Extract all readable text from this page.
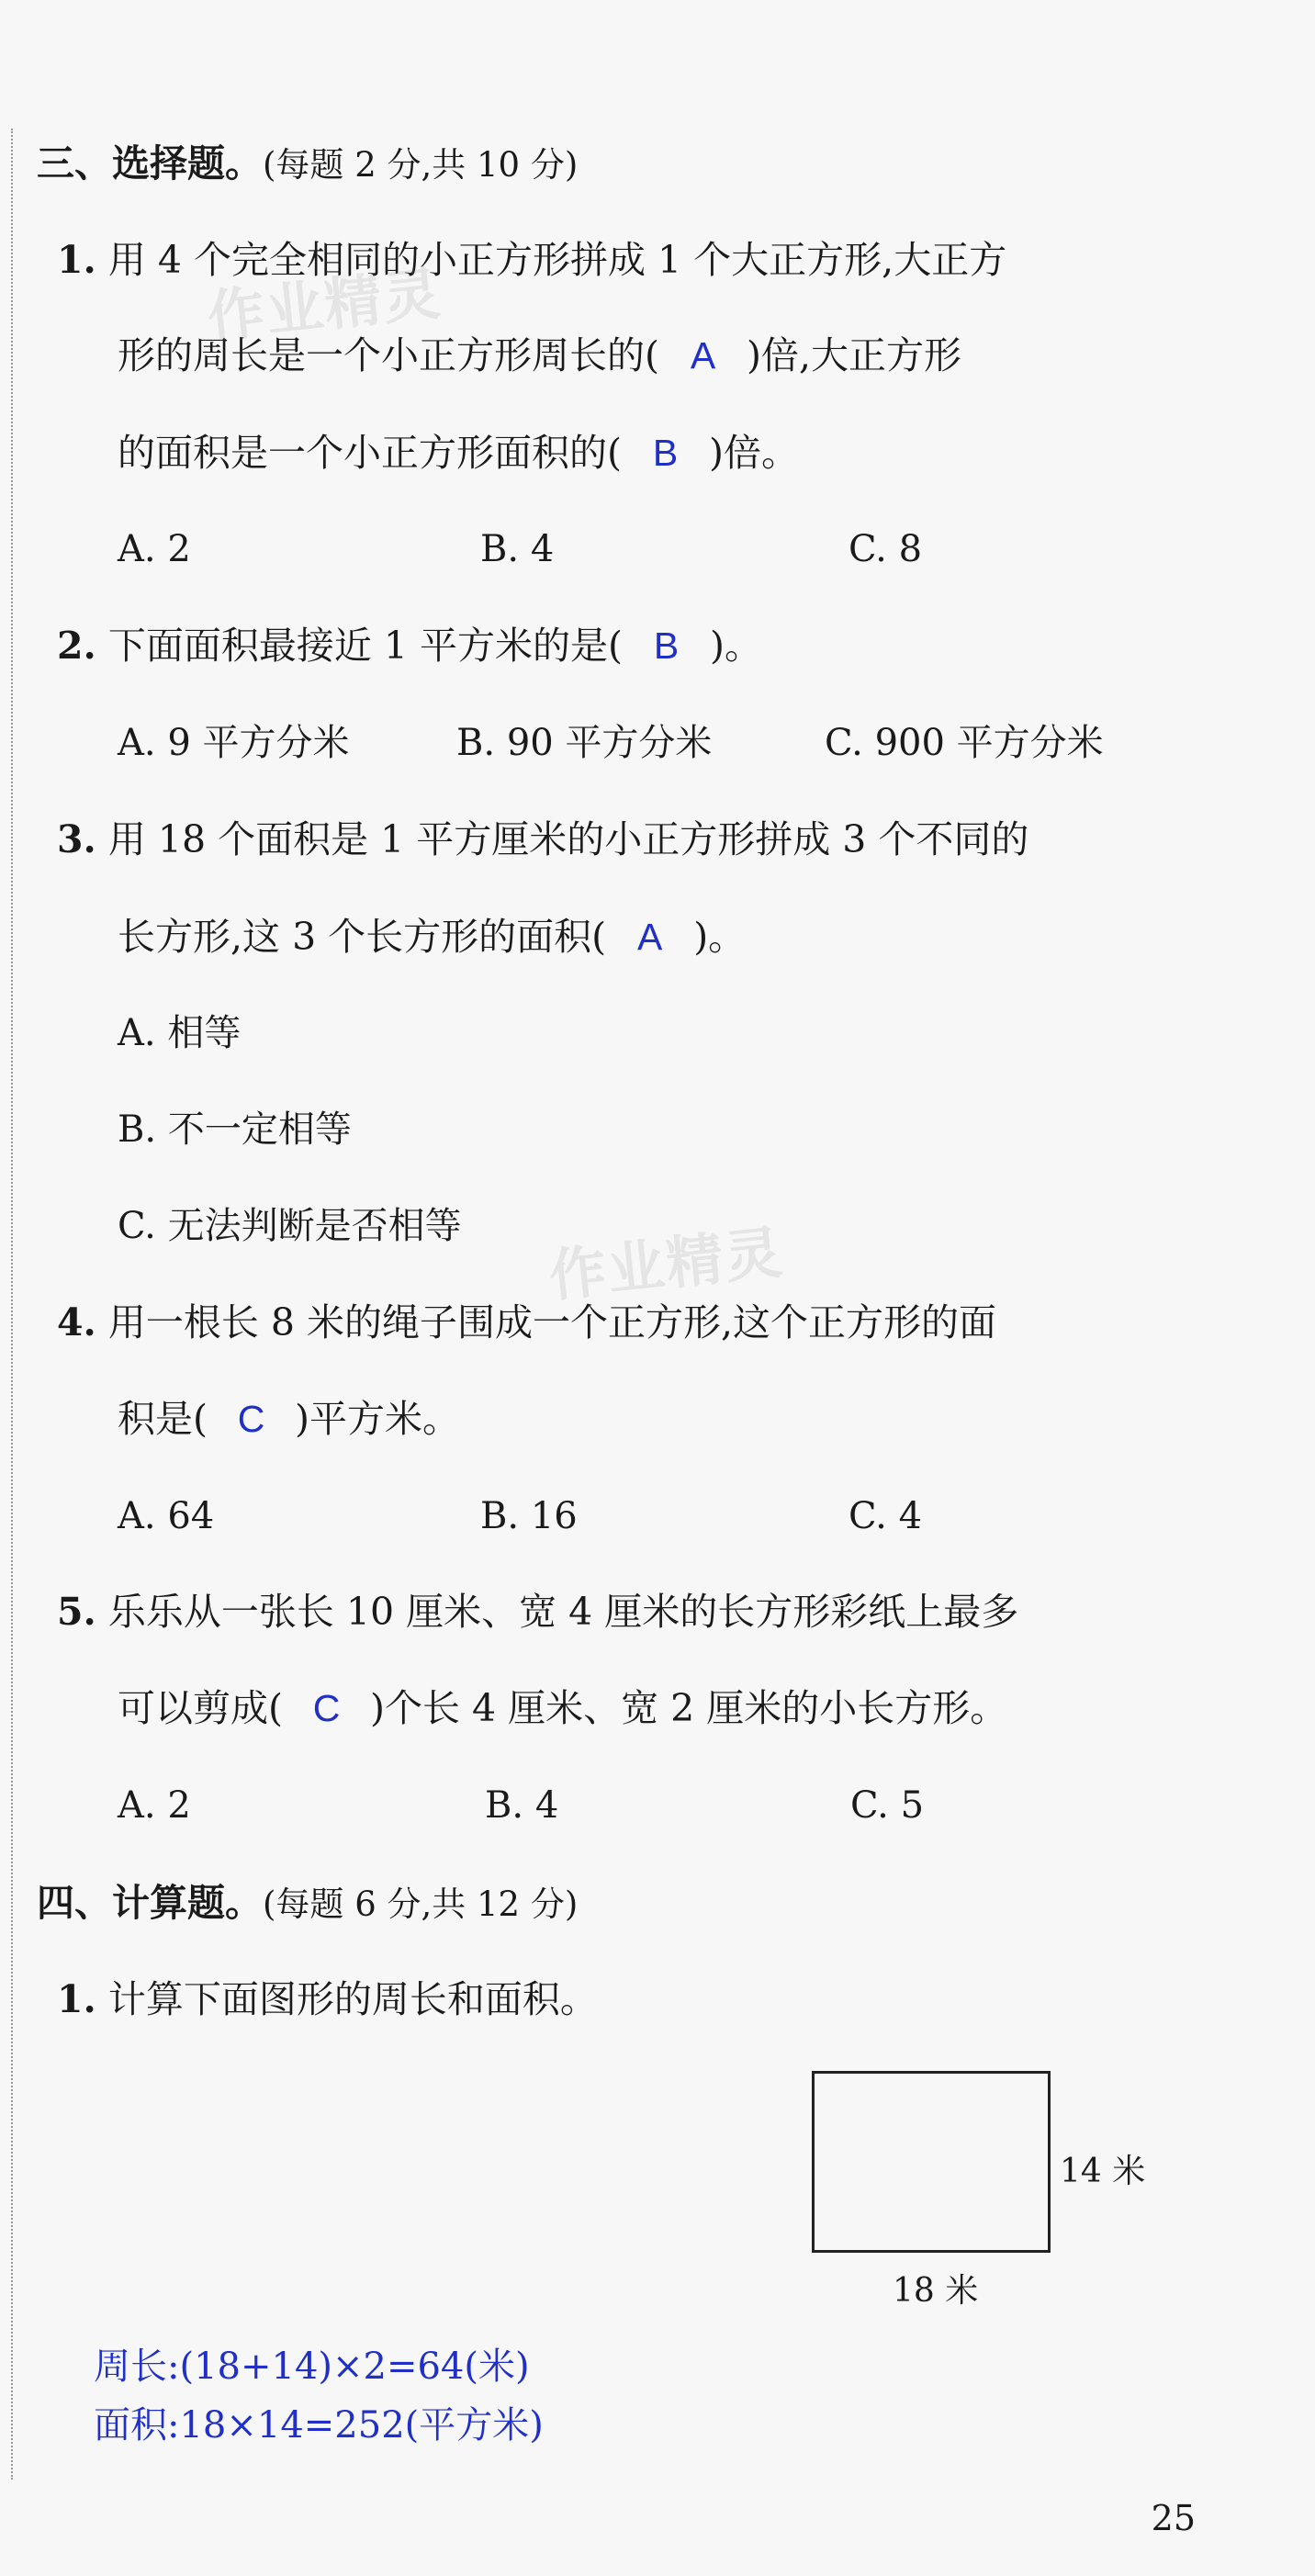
三、选择题。(每题 2 分,共 10 分)
1. 用 4 个完全相同的小正方形拼成 1 个大正方形,大正方
形的周长是一个小正方形周长的( A )倍,大正方形
的面积是一个小正方形面积的( B )倍。
A. 2	B. 4	C. 8
2. 下面面积最接近 1 平方米的是( B )。
A. 9 平方分米	B. 90 平方分米	C. 900 平方分米
3. 用 18 个面积是 1 平方厘米的小正方形拼成 3 个不同的
长方形,这 3 个长方形的面积( A )。
A. 相等
B. 不一定相等
C. 无法判断是否相等
4. 用一根长 8 米的绳子围成一个正方形,这个正方形的面
积是( C )平方米。
A. 64	B. 16	C. 4
5. 乐乐从一张长 10 厘米、宽 4 厘米的长方形彩纸上最多
可以剪成( C )个长 4 厘米、宽 2 厘米的小长方形。
A. 2	B. 4	C. 5
四、计算题。(每题 6 分,共 12 分)
1. 计算下面图形的周长和面积。
14 米
18 米
周长:(18+14)×2=64(米)
面积:18×14=252(平方米)
作业精灵
作业精灵
25
